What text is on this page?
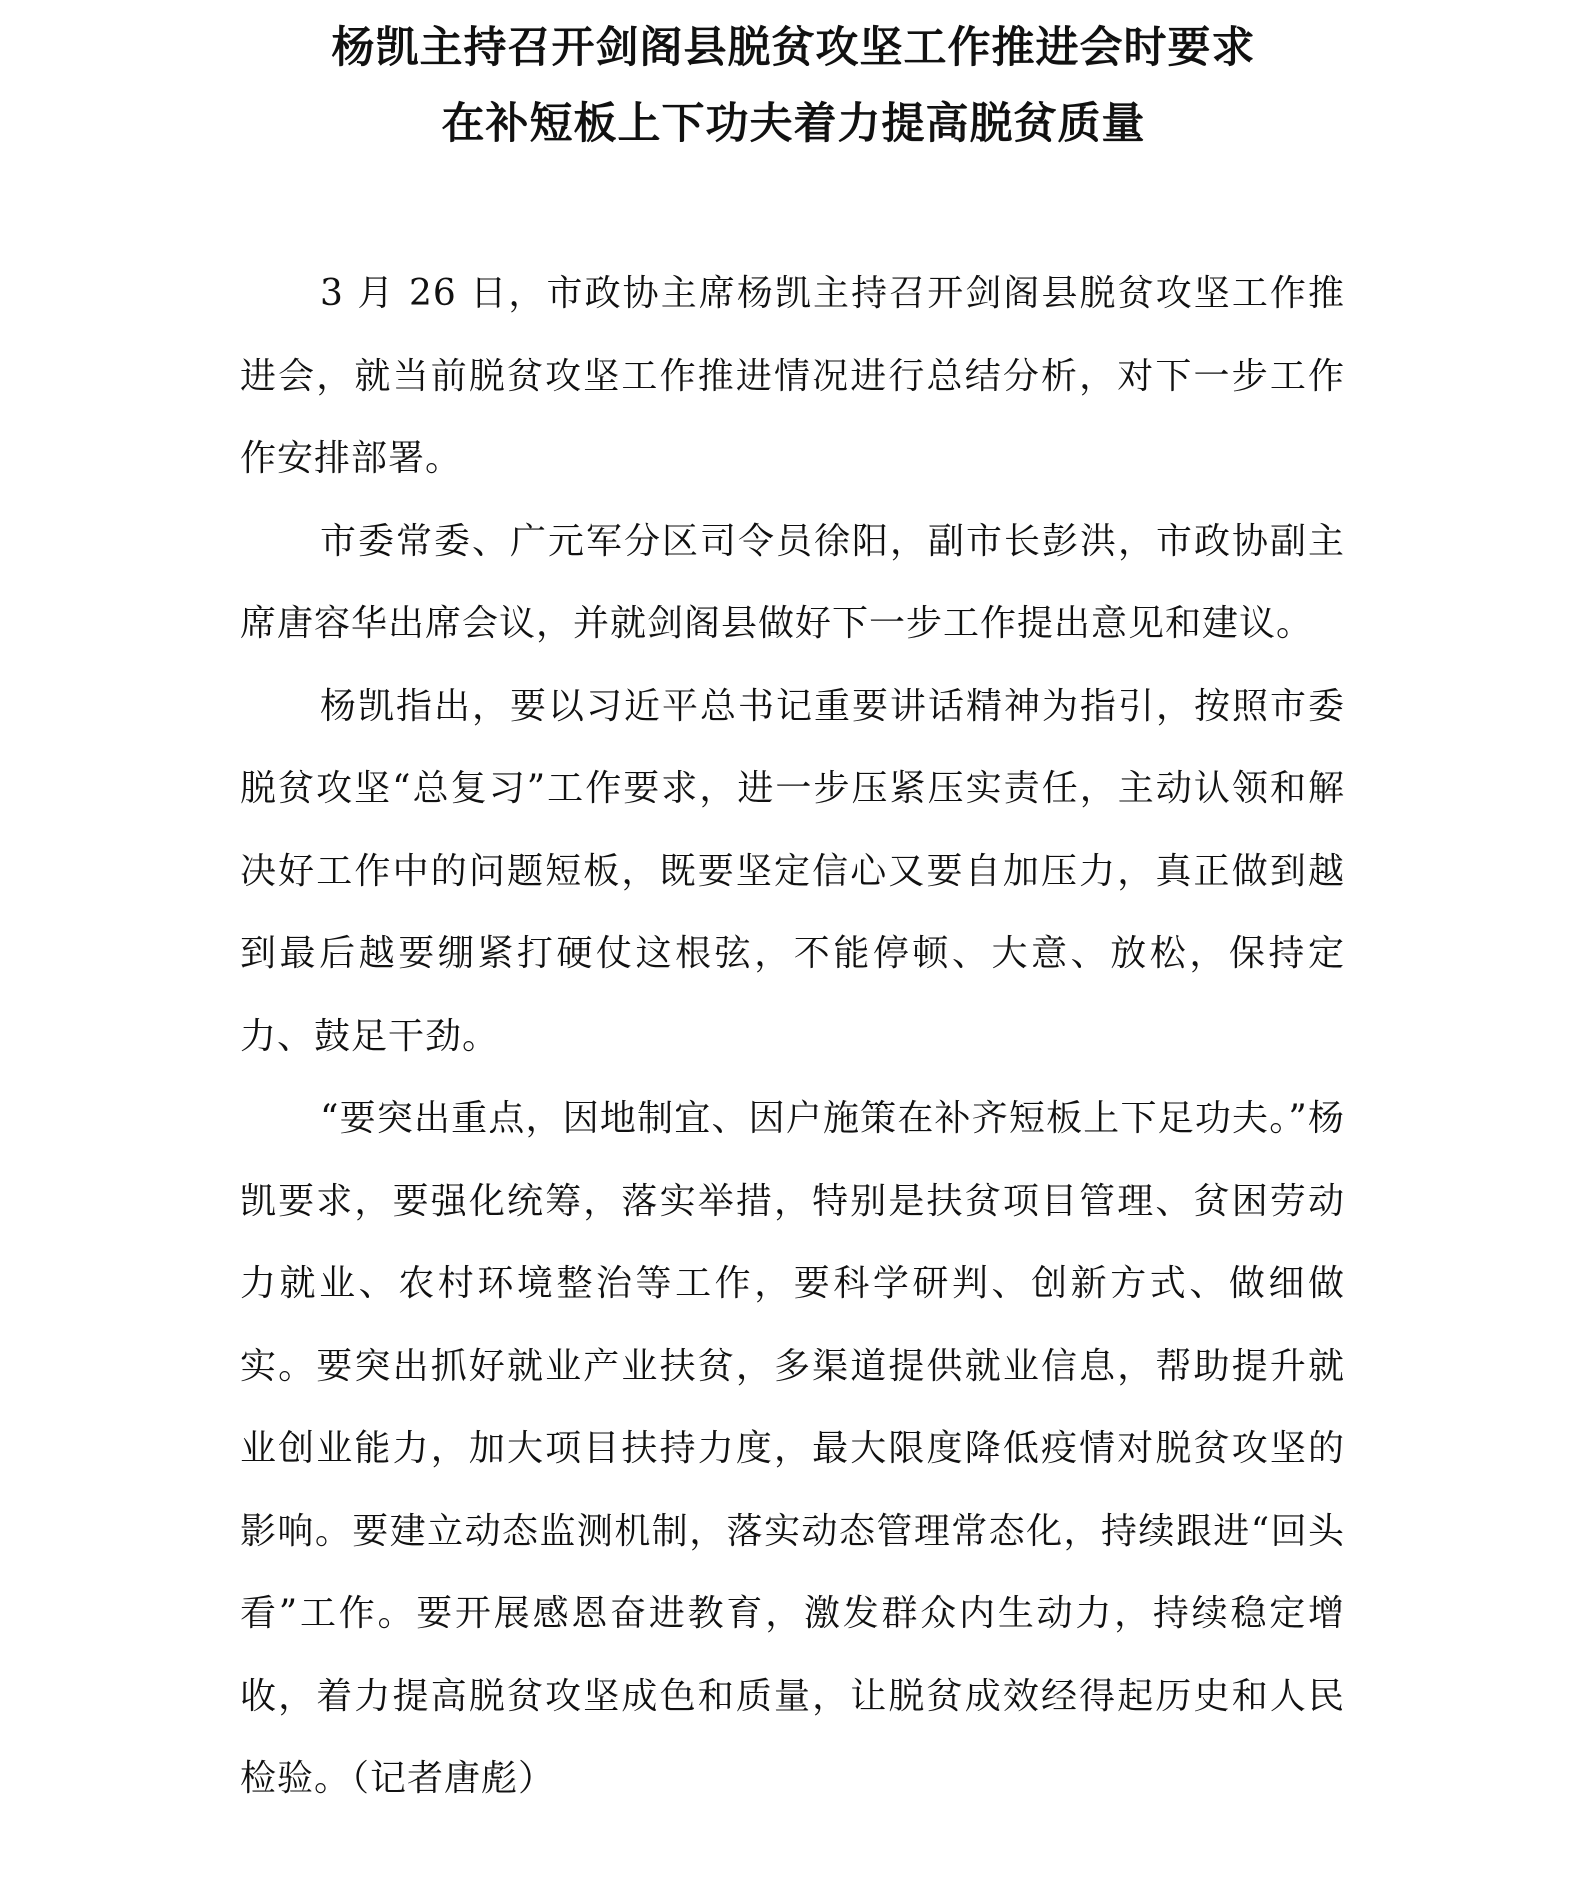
杨凯主持召开剑阁县脱贫攻坚工作推进会时要求
在补短板上下功夫着力提高脱贫质量

3 月 26 日，市政协主席杨凯主持召开剑阁县脱贫攻坚工作推进会，就当前脱贫攻坚工作推进情况进行总结分析，对下一步工作作安排部署。

市委常委、广元军分区司令员徐阳，副市长彭洪，市政协副主席唐容华出席会议，并就剑阁县做好下一步工作提出意见和建议。

杨凯指出，要以习近平总书记重要讲话精神为指引，按照市委脱贫攻坚“总复习”工作要求，进一步压紧压实责任，主动认领和解决好工作中的问题短板，既要坚定信心又要自加压力，真正做到越到最后越要绷紧打硬仗这根弦，不能停顿、大意、放松，保持定力、鼓足干劲。

“要突出重点，因地制宜、因户施策在补齐短板上下足功夫。”杨凯要求，要强化统筹，落实举措，特别是扶贫项目管理、贫困劳动力就业、农村环境整治等工作，要科学研判、创新方式、做细做实。要突出抓好就业产业扶贫，多渠道提供就业信息，帮助提升就业创业能力，加大项目扶持力度，最大限度降低疫情对脱贫攻坚的影响。要建立动态监测机制，落实动态管理常态化，持续跟进“回头看”工作。要开展感恩奋进教育，激发群众内生动力，持续稳定增收，着力提高脱贫攻坚成色和质量，让脱贫成效经得起历史和人民检验。（记者唐彪）
